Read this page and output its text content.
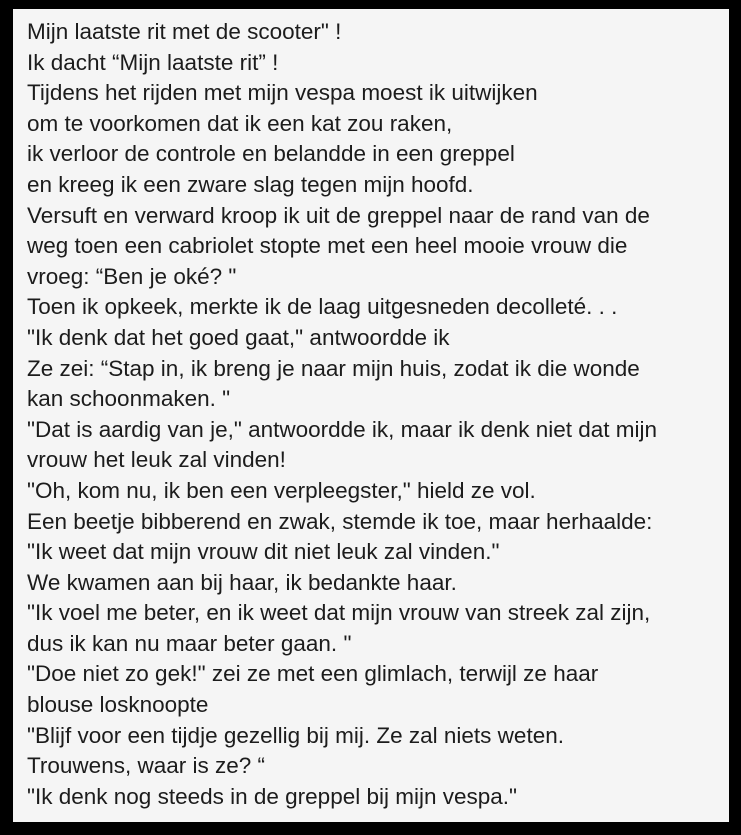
Mijn laatste rit met de scooter" !

Ik dacht “Mijn laatste rit” !

Tijdens het rijden met mijn vespa moest ik uitwijken

om te voorkomen dat ik een kat zou raken,

ik verloor de controle en belandde in een greppel

en kreeg ik een zware slag tegen mijn hoofd.

Versuft en verward kroop ik uit de greppel naar de rand van de

weg toen een cabriolet stopte met een heel mooie vrouw die

vroeg: “Ben je oké? "

Toen ik opkeek, merkte ik de laag uitgesneden decolleté. . .

"Ik denk dat het goed gaat," antwoordde ik

Ze zei: “Stap in, ik breng je naar mijn huis, zodat ik die wonde

kan schoonmaken. "

"Dat is aardig van je," antwoordde ik, maar ik denk niet dat mijn

vrouw het leuk zal vinden!

"Oh, kom nu, ik ben een verpleegster," hield ze vol.

Een beetje bibberend en zwak, stemde ik toe, maar herhaalde:

"Ik weet dat mijn vrouw dit niet leuk zal vinden."

We kwamen aan bij haar, ik bedankte haar.

"Ik voel me beter, en ik weet dat mijn vrouw van streek zal zijn,

dus ik kan nu maar beter gaan. "

"Doe niet zo gek!" zei ze met een glimlach, terwijl ze haar

blouse losknoopte

"Blijf voor een tijdje gezellig bij mij. Ze zal niets weten.

Trouwens, waar is ze? “

"Ik denk nog steeds in de greppel bij mijn vespa."
